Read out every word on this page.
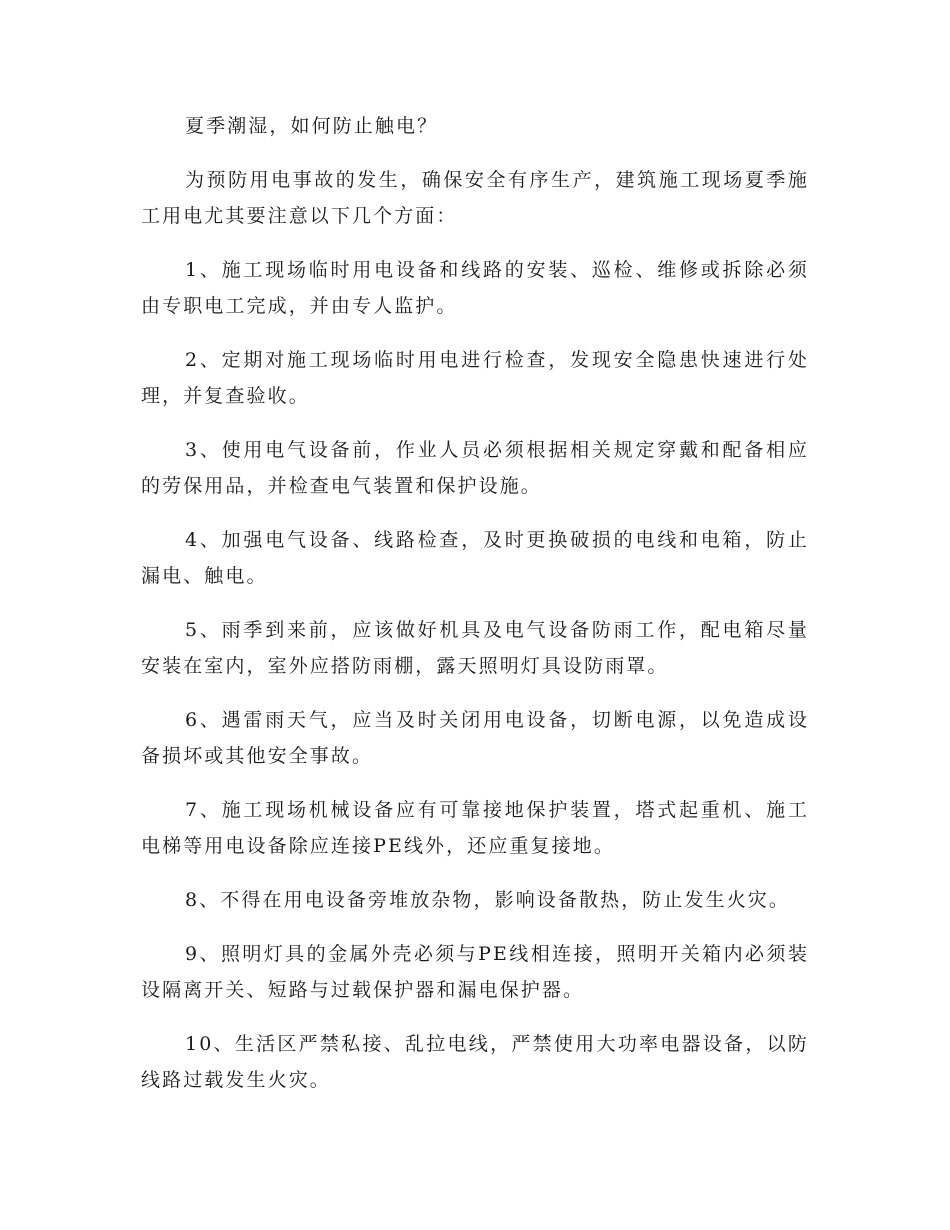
夏季潮湿，如何防止触电？

为预防用电事故的发生，确保安全有序生产，建筑施工现场夏季施工用电尤其要注意以下几个方面：

1、施工现场临时用电设备和线路的安装、巡检、维修或拆除必须由专职电工完成，并由专人监护。

2、定期对施工现场临时用电进行检查，发现安全隐患快速进行处理，并复查验收。

3、使用电气设备前，作业人员必须根据相关规定穿戴和配备相应的劳保用品，并检查电气装置和保护设施。

4、加强电气设备、线路检查，及时更换破损的电线和电箱，防止漏电、触电。

5、雨季到来前，应该做好机具及电气设备防雨工作，配电箱尽量安装在室内，室外应搭防雨棚，露天照明灯具设防雨罩。

6、遇雷雨天气，应当及时关闭用电设备，切断电源，以免造成设备损坏或其他安全事故。

7、施工现场机械设备应有可靠接地保护装置，塔式起重机、施工电梯等用电设备除应连接PE线外，还应重复接地。

8、不得在用电设备旁堆放杂物，影响设备散热，防止发生火灾。

9、照明灯具的金属外壳必须与PE线相连接，照明开关箱内必须装设隔离开关、短路与过载保护器和漏电保护器。

10、生活区严禁私接、乱拉电线，严禁使用大功率电器设备，以防线路过载发生火灾。
